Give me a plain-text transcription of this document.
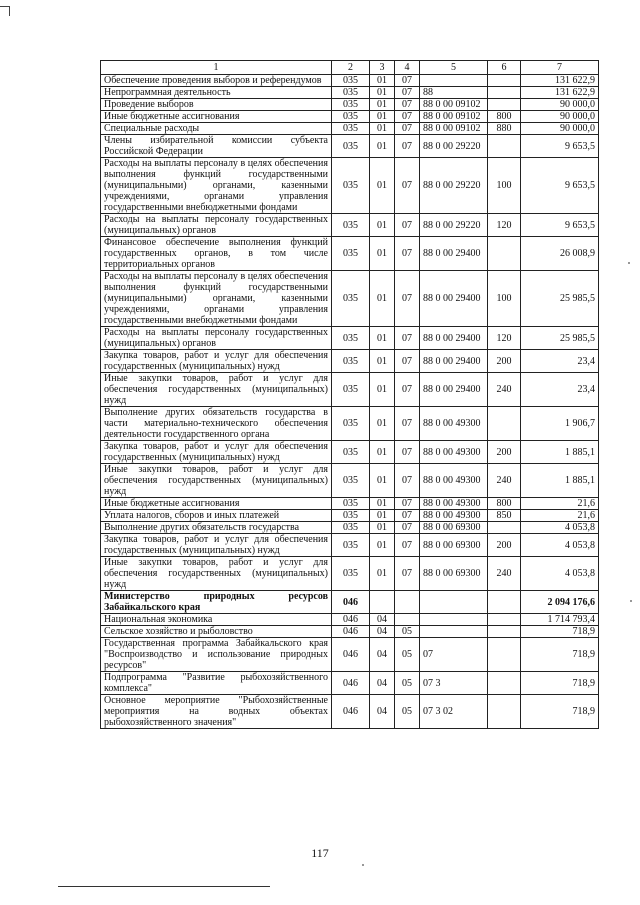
1	2	3	4	5	6	7
Обеспечение проведения выборов и референдумов	035	01	07			131 622,9
Непрограммная деятельность	035	01	07	88		131 622,9
Проведение выборов	035	01	07	88 0 00 09102		90 000,0
Иные бюджетные ассигнования	035	01	07	88 0 00 09102	800	90 000,0
Специальные расходы	035	01	07	88 0 00 09102	880	90 000,0
Члены избирательной комиссии субъекта Российской Федерации	035	01	07	88 0 00 29220		9 653,5
Расходы на выплаты персоналу в целях обеспечения выполнения функций государственными (муниципальными) органами, казенными учреждениями, органами управления государственными внебюджетными фондами	035	01	07	88 0 00 29220	100	9 653,5
Расходы на выплаты персоналу государственных (муниципальных) органов	035	01	07	88 0 00 29220	120	9 653,5
Финансовое обеспечение выполнения функций государственных органов, в том числе территориальных органов	035	01	07	88 0 00 29400		26 008,9
Расходы на выплаты персоналу в целях обеспечения выполнения функций государственными (муниципальными) органами, казенными учреждениями, органами управления государственными внебюджетными фондами	035	01	07	88 0 00 29400	100	25 985,5
Расходы на выплаты персоналу государственных (муниципальных) органов	035	01	07	88 0 00 29400	120	25 985,5
Закупка товаров, работ и услуг для обеспечения государственных (муниципальных) нужд	035	01	07	88 0 00 29400	200	23,4
Иные закупки товаров, работ и услуг для обеспечения государственных (муниципальных) нужд	035	01	07	88 0 00 29400	240	23,4
Выполнение других обязательств государства в части материально-технического обеспечения деятельности государственного органа	035	01	07	88 0 00 49300		1 906,7
Закупка товаров, работ и услуг для обеспечения государственных (муниципальных) нужд	035	01	07	88 0 00 49300	200	1 885,1
Иные закупки товаров, работ и услуг для обеспечения государственных (муниципальных) нужд	035	01	07	88 0 00 49300	240	1 885,1
Иные бюджетные ассигнования	035	01	07	88 0 00 49300	800	21,6
Уплата налогов, сборов и иных платежей	035	01	07	88 0 00 49300	850	21,6
Выполнение других обязательств государства	035	01	07	88 0 00 69300		4 053,8
Закупка товаров, работ и услуг для обеспечения государственных (муниципальных) нужд	035	01	07	88 0 00 69300	200	4 053,8
Иные закупки товаров, работ и услуг для обеспечения государственных (муниципальных) нужд	035	01	07	88 0 00 69300	240	4 053,8
Министерство природных ресурсов Забайкальского края	046					2 094 176,6
Национальная экономика	046	04				1 714 793,4
Сельское хозяйство и рыболовство	046	04	05			718,9
Государственная программа Забайкальского края "Воспроизводство и использование природных ресурсов"	046	04	05	07		718,9
Подпрограмма "Развитие рыбохозяйственного комплекса"	046	04	05	07 3		718,9
Основное мероприятие "Рыбохозяйственные мероприятия на водных объектах рыбохозяйственного значения"	046	04	05	07 3 02		718,9
117
